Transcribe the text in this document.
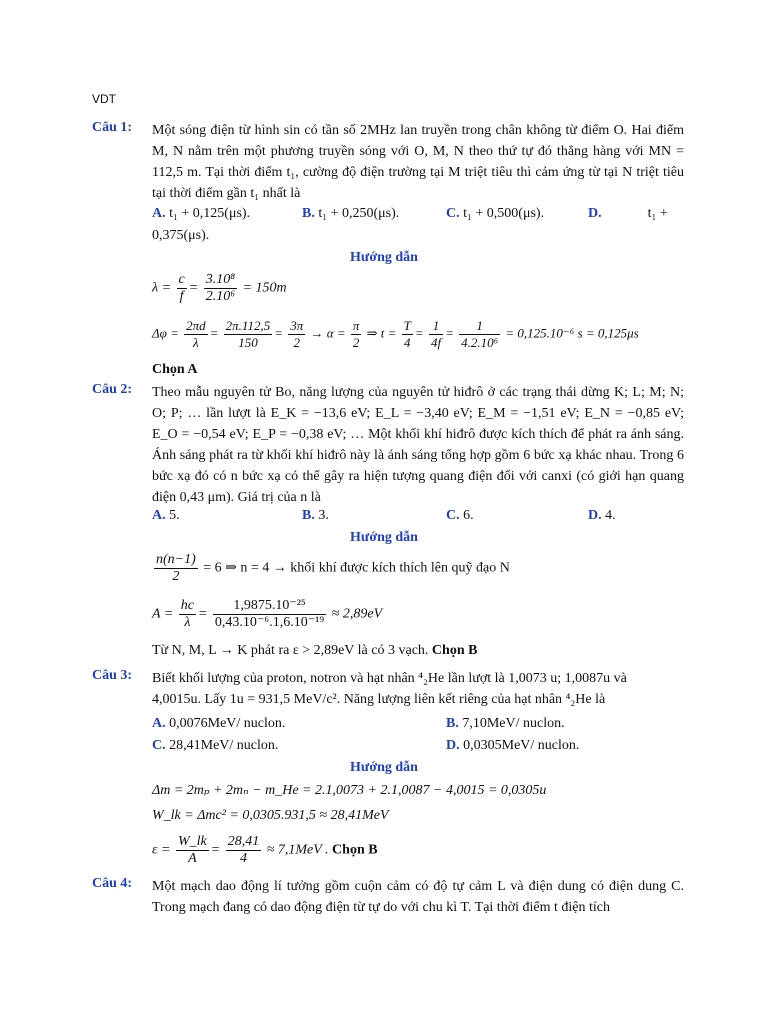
VDT
Câu 1: Một sóng điện từ hình sin có tần số 2MHz lan truyền trong chân không từ điểm O. Hai điểm M, N nằm trên một phương truyền sóng với O, M, N theo thứ tự đó thẳng hàng với MN = 112,5 m. Tại thời điểm t₁, cường độ điện trường tại M triệt tiêu thì cảm ứng từ tại N triệt tiêu tại thời điểm gần t₁ nhất là
A. t₁ + 0,125(μs).	B. t₁ + 0,250(μs).	C. t₁ + 0,500(μs).	D.	t₁ +
0,375(μs).
Hướng dẫn
$\lambda = \frac{c}{f} = \frac{\text{3.10⁸}}{\text{2.10⁶}} = 150m$
$\Delta\varphi = \frac{2\pi d}{\lambda} = \frac{2\pi.112,5}{150} = \frac{3\pi}{2} \to \alpha = \frac{\pi}{2}$ ⇒ $t = \frac{T}{4} = \frac{1}{4f} = \frac{1}{\text{4.2.10⁶}} = 0,125.10^{-6}$ s = 0,125μs
Chọn A
Câu 2: Theo mẫu nguyên tử Bo, năng lượng của nguyên tử hiđrô ở các trạng thái dừng K; L; M; N; O; P; … lần lượt là E_K = −13,6 eV; E_L = −3,40 eV; E_M = −1,51 eV; E_N = −0,85 eV; E_O = −0,54 eV; E_P = −0,38 eV; … Một khối khí hiđrô được kích thích để phát ra ánh sáng. Ánh sáng phát ra từ khối khí hiđrô này là ánh sáng tổng hợp gồm 6 bức xạ khác nhau. Trong 6 bức xạ đó có n bức xạ có thể gây ra hiện tượng quang điện đối với canxi (có giới hạn quang điện 0,43 μm). Giá trị của n là
A. 5.	B. 3.	C. 6.	D. 4.
Hướng dẫn
$\frac{n(n-1)}{2} = 6$ ⇒ n = 4 → khối khí được kích thích lên quỹ đạo N
$A = \frac{hc}{\lambda} = \frac{\text{1,9875.10⁻²⁵}}{\text{0,43.10⁻⁶.1,6.10⁻¹⁹}} \approx 2,89eV$
Từ N, M, L → K phát ra ε > 2,89eV là có 3 vạch. Chọn B
Câu 3: Biết khối lượng của proton, notron và hạt nhân ⁴₂He lần lượt là 1,0073 u; 1,0087u và
4,0015u. Lấy 1u = 931,5 MeV/c². Năng lượng liên kết riêng của hạt nhân ⁴₂He là
A. 0,0076MeV/ nuclon.	B. 7,10MeV/ nuclon.
C. 28,41MeV/ nuclon.	D. 0,0305MeV/ nuclon.
Hướng dẫn
Δm = 2mₚ + 2mₙ − m_He = 2.1,0073 + 2.1,0087 − 4,0015 = 0,0305u
W_lk = Δmc² = 0,0305.931,5 ≈ 28,41MeV
$\varepsilon = \frac{W\_lk}{A} = \frac{28,41}{4} \approx 7,1MeV$ . Chọn B
Câu 4: Một mạch dao động lí tưởng gồm cuộn cảm có độ tự cảm L và điện dung có điện dung C. Trong mạch đang có dao động điện từ tự do với chu kì T. Tại thời điểm t điện tích
